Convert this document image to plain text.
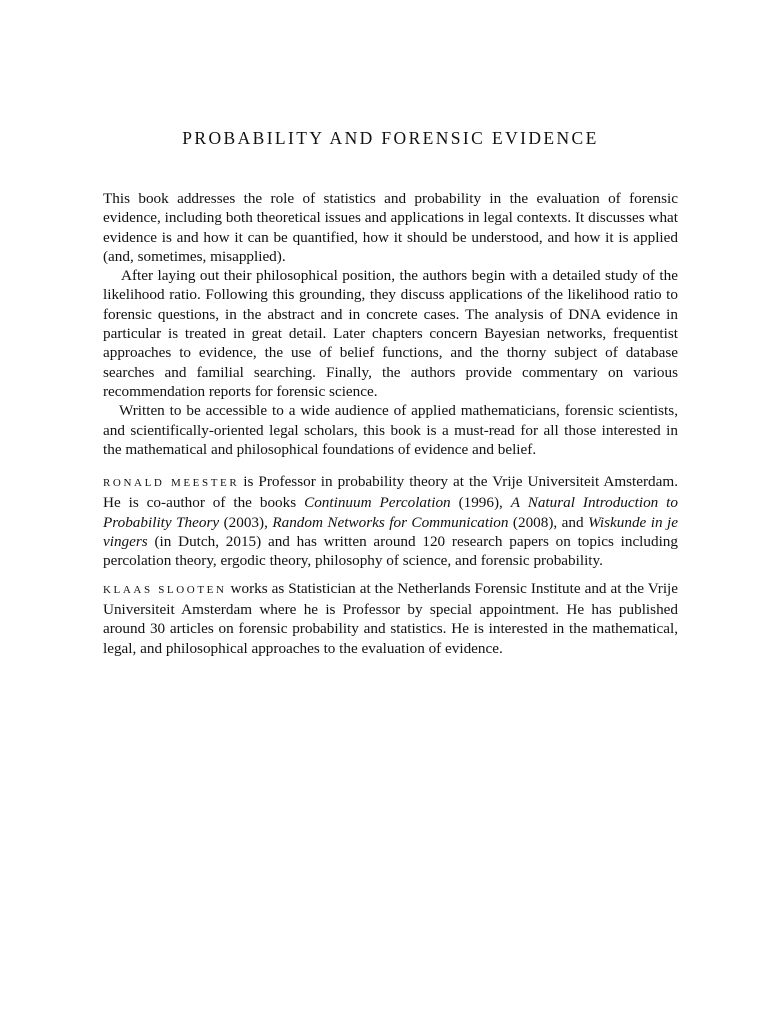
PROBABILITY AND FORENSIC EVIDENCE

This book addresses the role of statistics and probability in the evaluation of forensic evidence, including both theoretical issues and applications in legal contexts. It discusses what evidence is and how it can be quantified, how it should be understood, and how it is applied (and, sometimes, misapplied).

After laying out their philosophical position, the authors begin with a detailed study of the likelihood ratio. Following this grounding, they discuss applications of the likelihood ratio to forensic questions, in the abstract and in concrete cases. The analysis of DNA evidence in particular is treated in great detail. Later chapters concern Bayesian networks, frequentist approaches to evidence, the use of belief functions, and the thorny subject of database searches and familial searching. Finally, the authors provide commentary on various recommendation reports for forensic science.

Written to be accessible to a wide audience of applied mathematicians, forensic scientists, and scientifically-oriented legal scholars, this book is a must-read for all those interested in the mathematical and philosophical foundations of evidence and belief.

RONALD MEESTER is Professor in probability theory at the Vrije Universiteit Amsterdam. He is co-author of the books Continuum Percolation (1996), A Natural Introduction to Probability Theory (2003), Random Networks for Communication (2008), and Wiskunde in je vingers (in Dutch, 2015) and has written around 120 research papers on topics including percolation theory, ergodic theory, philosophy of science, and forensic probability.

KLAAS SLOOTEN works as Statistician at the Netherlands Forensic Institute and at the Vrije Universiteit Amsterdam where he is Professor by special appointment. He has published around 30 articles on forensic probability and statistics. He is interested in the mathematical, legal, and philosophical approaches to the evaluation of evidence.
